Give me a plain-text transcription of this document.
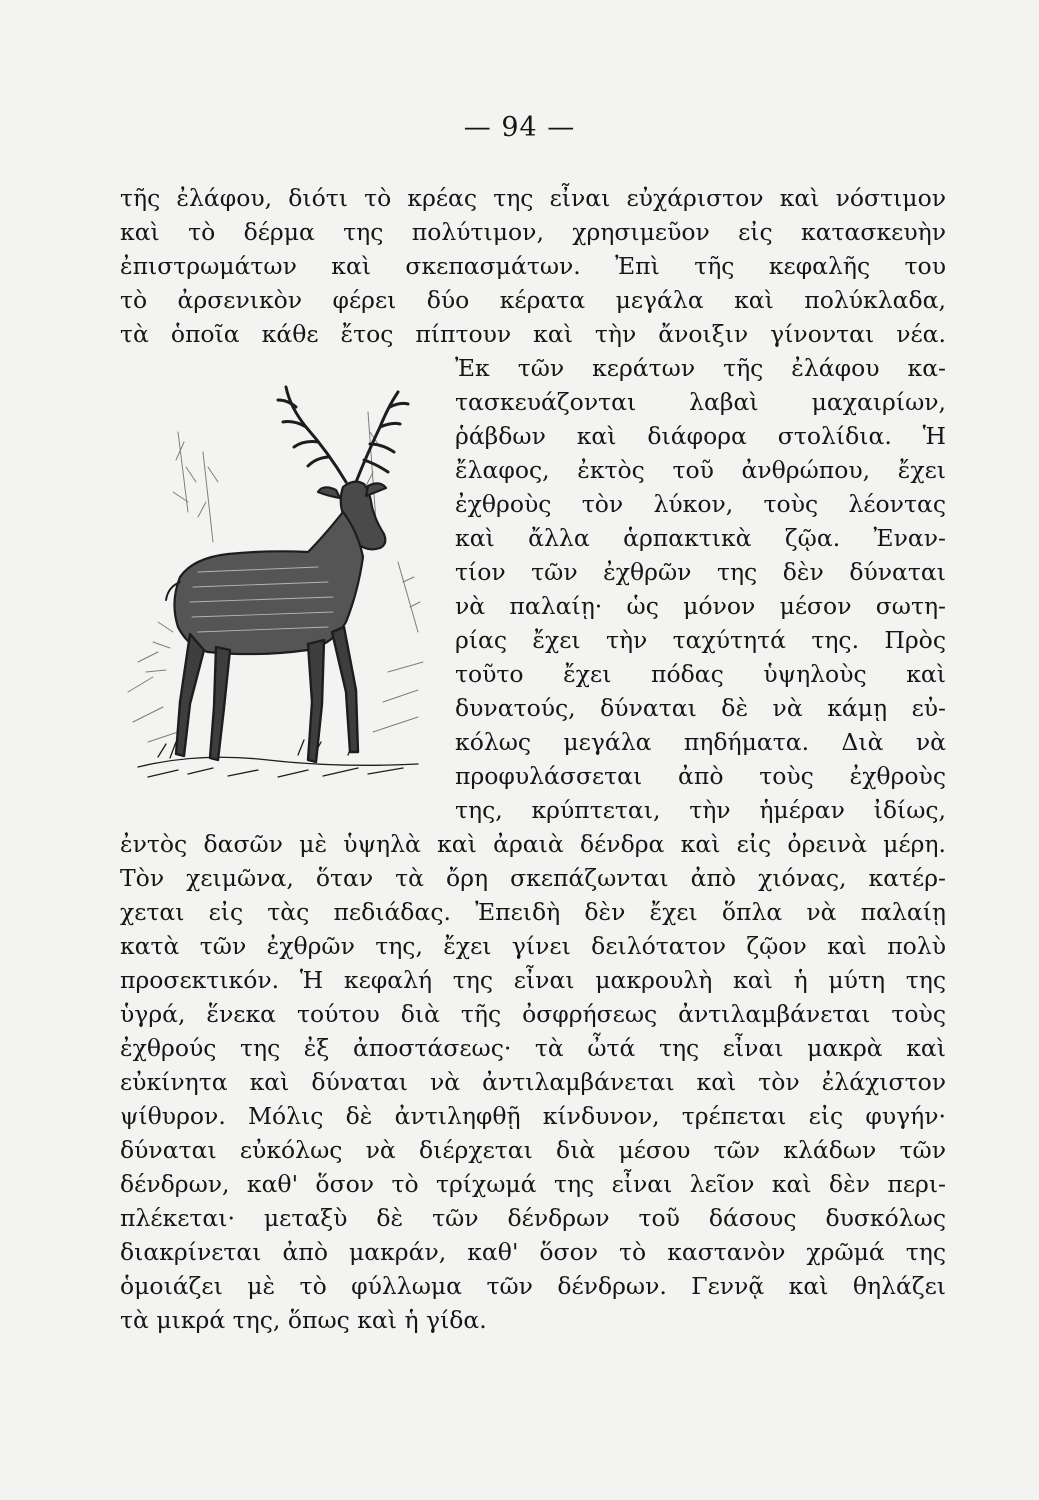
— 94 —
τῆς ἐλάφου, διότι τὸ κρέας της εἶναι εὐχάριστον καὶ νόστιμον
καὶ τὸ δέρμα της πολύτιμον, χρησιμεῦον εἰς κατασκευὴν
ἐπιστρωμάτων καὶ σκεπασμάτων. Ἐπὶ τῆς κεφαλῆς του
τὸ ἀρσενικὸν φέρει δύο κέρατα μεγάλα καὶ πολύκλαδα,
τὰ ὁποῖα κάθε ἔτος πίπτουν καὶ τὴν ἄνοιξιν γίνονται νέα.
Ἐκ τῶν κεράτων τῆς ἐλάφου κα-
τασκευάζονται λαβαὶ μαχαιρίων,
ῥάβδων καὶ διάφορα στολίδια. Ἡ
ἔλαφος, ἐκτὸς τοῦ ἀνθρώπου, ἔχει
ἐχθροὺς τὸν λύκον, τοὺς λέοντας
καὶ ἄλλα ἁρπακτικὰ ζῷα. Ἐναν-
τίον τῶν ἐχθρῶν της δὲν δύναται
νὰ παλαίῃ· ὡς μόνον μέσον σωτη-
ρίας ἔχει τὴν ταχύτητά της. Πρὸς
τοῦτο ἔχει πόδας ὑψηλοὺς καὶ
δυνατούς, δύναται δὲ νὰ κάμῃ εὐ-
κόλως μεγάλα πηδήματα. Διὰ νὰ
προφυλάσσεται ἀπὸ τοὺς ἐχθροὺς
της, κρύπτεται, τὴν ἡμέραν ἰδίως,
ἐντὸς δασῶν μὲ ὑψηλὰ καὶ ἀραιὰ δένδρα καὶ εἰς ὀρεινὰ μέρη.
Τὸν χειμῶνα, ὅταν τὰ ὄρη σκεπάζωνται ἀπὸ χιόνας, κατέρ-
χεται εἰς τὰς πεδιάδας. Ἐπειδὴ δὲν ἔχει ὅπλα νὰ παλαίῃ
κατὰ τῶν ἐχθρῶν της, ἔχει γίνει δειλότατον ζῷον καὶ πολὺ
προσεκτικόν. Ἡ κεφαλή της εἶναι μακρουλὴ καὶ ἡ μύτη της
ὑγρά, ἕνεκα τούτου διὰ τῆς ὀσφρήσεως ἀντιλαμβάνεται τοὺς
ἐχθρούς της ἐξ ἀποστάσεως· τὰ ὦτά της εἶναι μακρὰ καὶ
εὐκίνητα καὶ δύναται νὰ ἀντιλαμβάνεται καὶ τὸν ἐλάχιστον
ψίθυρον. Μόλις δὲ ἀντιληφθῇ κίνδυνον, τρέπεται εἰς φυγήν·
δύναται εὐκόλως νὰ διέρχεται διὰ μέσου τῶν κλάδων τῶν
δένδρων, καθ' ὅσον τὸ τρίχωμά της εἶναι λεῖον καὶ δὲν περι-
πλέκεται· μεταξὺ δὲ τῶν δένδρων τοῦ δάσους δυσκόλως
διακρίνεται ἀπὸ μακράν, καθ' ὅσον τὸ καστανὸν χρῶμά της
ὁμοιάζει μὲ τὸ φύλλωμα τῶν δένδρων. Γεννᾷ καὶ θηλάζει
τὰ μικρά της, ὅπως καὶ ἡ γίδα.
